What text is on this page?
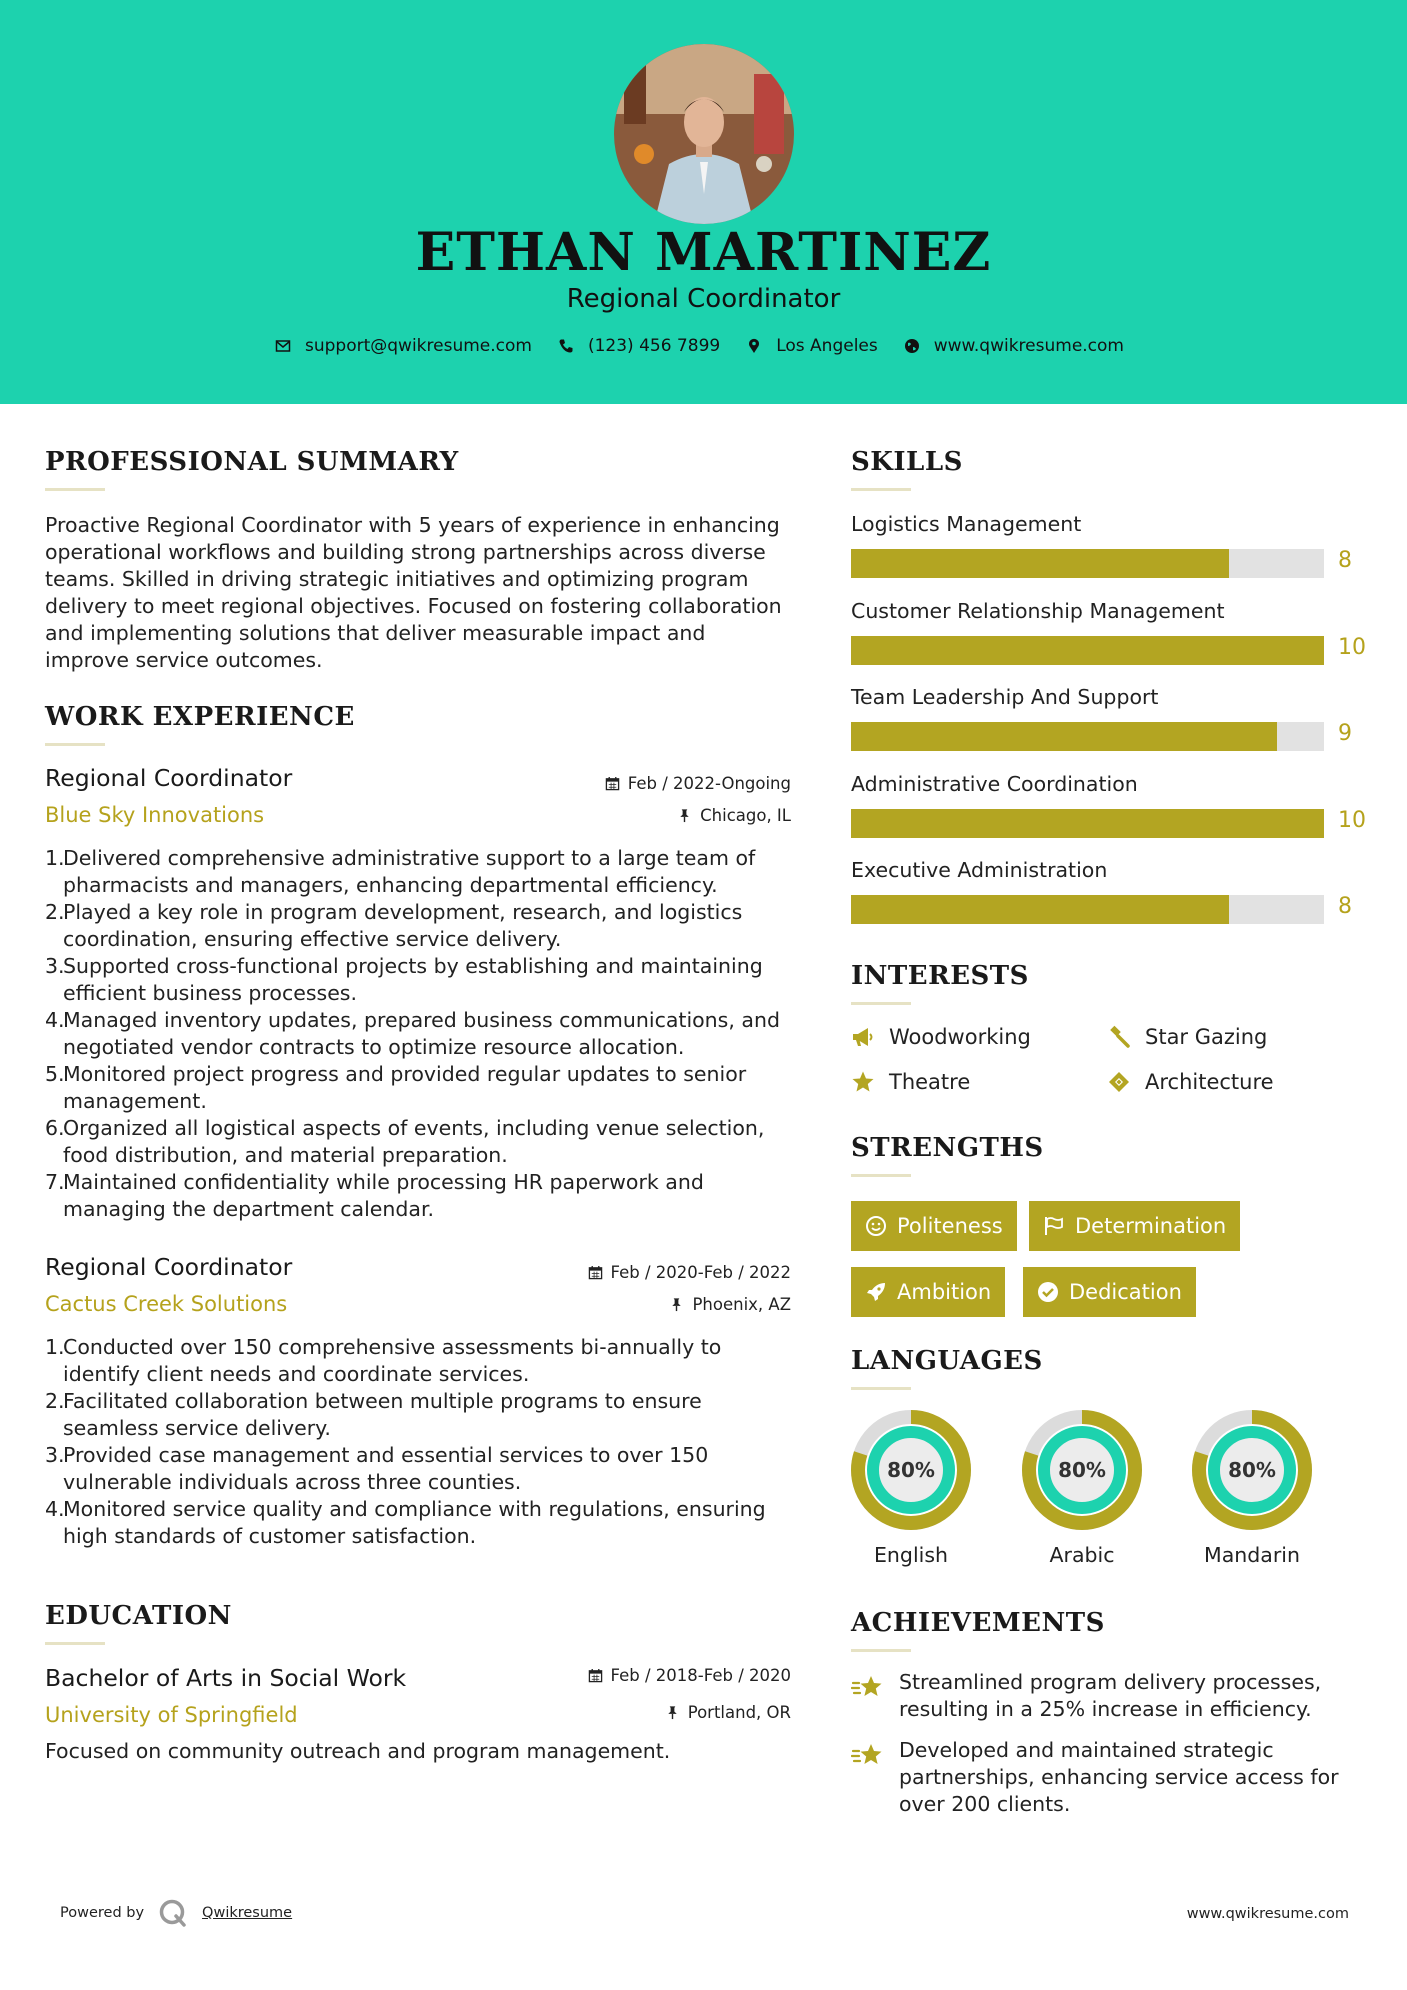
ETHAN MARTINEZ
Regional Coordinator
support@qwikresume.com	(123) 456 7899	Los Angeles	www.qwikresume.com
PROFESSIONAL SUMMARY
Proactive Regional Coordinator with 5 years of experience in enhancing operational workflows and building strong partnerships across diverse teams. Skilled in driving strategic initiatives and optimizing program delivery to meet regional objectives. Focused on fostering collaboration and implementing solutions that deliver measurable impact and improve service outcomes.
WORK EXPERIENCE
Regional Coordinator
Blue Sky Innovations
Feb / 2022-Ongoing
Chicago, IL
1.
Delivered comprehensive administrative support to a large team of pharmacists and managers, enhancing departmental efficiency.
2.
Played a key role in program development, research, and logistics coordination, ensuring effective service delivery.
3.
Supported cross-functional projects by establishing and maintaining efficient business processes.
4.
Managed inventory updates, prepared business communications, and negotiated vendor contracts to optimize resource allocation.
5.
Monitored project progress and provided regular updates to senior management.
6.
Organized all logistical aspects of events, including venue selection, food distribution, and material preparation.
7.
Maintained confidentiality while processing HR paperwork and managing the department calendar.
Regional Coordinator
Cactus Creek Solutions
Feb / 2020-Feb / 2022
Phoenix, AZ
1.
Conducted over 150 comprehensive assessments bi-annually to identify client needs and coordinate services.
2.
Facilitated collaboration between multiple programs to ensure seamless service delivery.
3.
Provided case management and essential services to over 150 vulnerable individuals across three counties.
4.
Monitored service quality and compliance with regulations, ensuring high standards of customer satisfaction.
EDUCATION
Bachelor of Arts in Social Work
University of Springfield
Feb / 2018-Feb / 2020
Portland, OR
Focused on community outreach and program management.
SKILLS
Logistics Management
8
Customer Relationship Management
10
Team Leadership And Support
9
Administrative Coordination
10
Executive Administration
8
INTERESTS
Woodworking	Star Gazing
Theatre	Architecture
STRENGTHS
Politeness	Determination
Ambition	Dedication
LANGUAGES
80%
English
80%
Arabic
80%
Mandarin
ACHIEVEMENTS
Streamlined program delivery processes, resulting in a 25% increase in efficiency.
Developed and maintained strategic partnerships, enhancing service access for over 200 clients.
Powered by	Qwikresume	www.qwikresume.com
